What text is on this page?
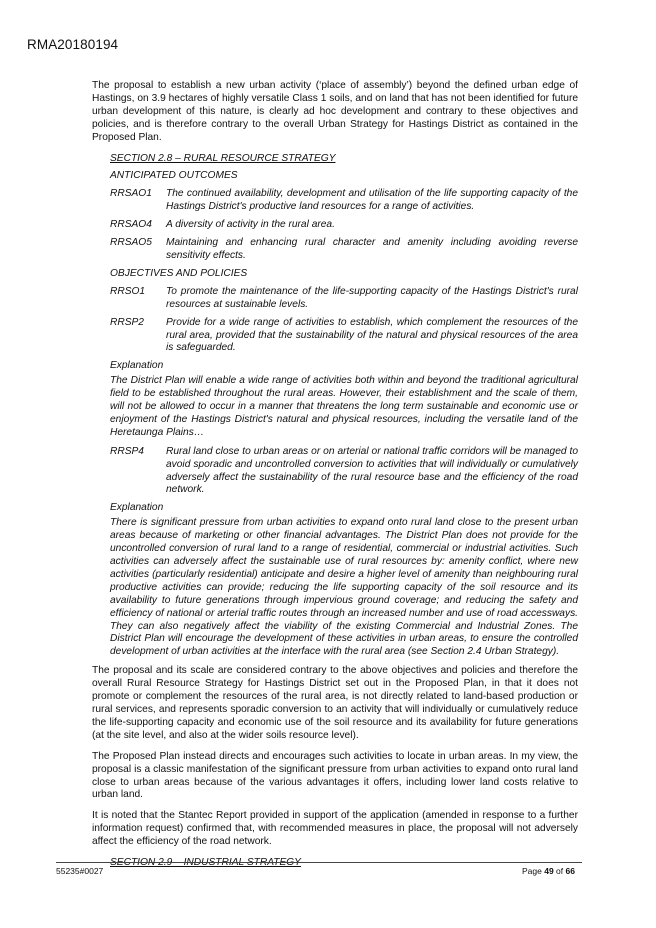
RMA20180194

The proposal to establish a new urban activity (‘place of assembly’) beyond the defined urban edge of Hastings, on 3.9 hectares of highly versatile Class 1 soils, and on land that has not been identified for future urban development of this nature, is clearly ad hoc development and contrary to these objectives and policies, and is therefore contrary to the overall Urban Strategy for Hastings District as contained in the Proposed Plan.

SECTION 2.8 – RURAL RESOURCE STRATEGY
ANTICIPATED OUTCOMES
RRSAO1	The continued availability, development and utilisation of the life supporting capacity of the Hastings District's productive land resources for a range of activities.
RRSAO4	A diversity of activity in the rural area.
RRSAO5	Maintaining and enhancing rural character and amenity including avoiding reverse sensitivity effects.
OBJECTIVES AND POLICIES
RRSO1	To promote the maintenance of the life-supporting capacity of the Hastings District's rural resources at sustainable levels.
RRSP2	Provide for a wide range of activities to establish, which complement the resources of the rural area, provided that the sustainability of the natural and physical resources of the area is safeguarded.
Explanation

The District Plan will enable a wide range of activities both within and beyond the traditional agricultural field to be established throughout the rural areas. However, their establishment and the scale of them, will not be allowed to occur in a manner that threatens the long term sustainable and economic use or enjoyment of the Hastings District's natural and physical resources, including the versatile land of the Heretaunga Plains…

RRSP4	Rural land close to urban areas or on arterial or national traffic corridors will be managed to avoid sporadic and uncontrolled conversion to activities that will individually or cumulatively adversely affect the sustainability of the rural resource base and the efficiency of the road network.
Explanation

There is significant pressure from urban activities to expand onto rural land close to the present urban areas because of marketing or other financial advantages. The District Plan does not provide for the uncontrolled conversion of rural land to a range of residential, commercial or industrial activities. Such activities can adversely affect the sustainable use of rural resources by: amenity conflict, where new activities (particularly residential) anticipate and desire a higher level of amenity than neighbouring rural productive activities can provide; reducing the life supporting capacity of the soil resource and its availability to future generations through impervious ground coverage; and reducing the safety and efficiency of national or arterial traffic routes through an increased number and use of road accessways. They can also negatively affect the viability of the existing Commercial and Industrial Zones. The District Plan will encourage the development of these activities in urban areas, to ensure the controlled development of urban activities at the interface with the rural area (see Section 2.4 Urban Strategy).

The proposal and its scale are considered contrary to the above objectives and policies and therefore the overall Rural Resource Strategy for Hastings District set out in the Proposed Plan, in that it does not promote or complement the resources of the rural area, is not directly related to land-based production or rural services, and represents sporadic conversion to an activity that will individually or cumulatively reduce the life-supporting capacity and economic use of the soil resource and its availability for future generations (at the site level, and also at the wider soils resource level).

The Proposed Plan instead directs and encourages such activities to locate in urban areas. In my view, the proposal is a classic manifestation of the significant pressure from urban activities to expand onto rural land close to urban areas because of the various advantages it offers, including lower land costs relative to urban land.

It is noted that the Stantec Report provided in support of the application (amended in response to a further information request) confirmed that, with recommended measures in place, the proposal will not adversely affect the efficiency of the road network.

SECTION 2.9 – INDUSTRIAL STRATEGY
55235#0027	Page 49 of 66
